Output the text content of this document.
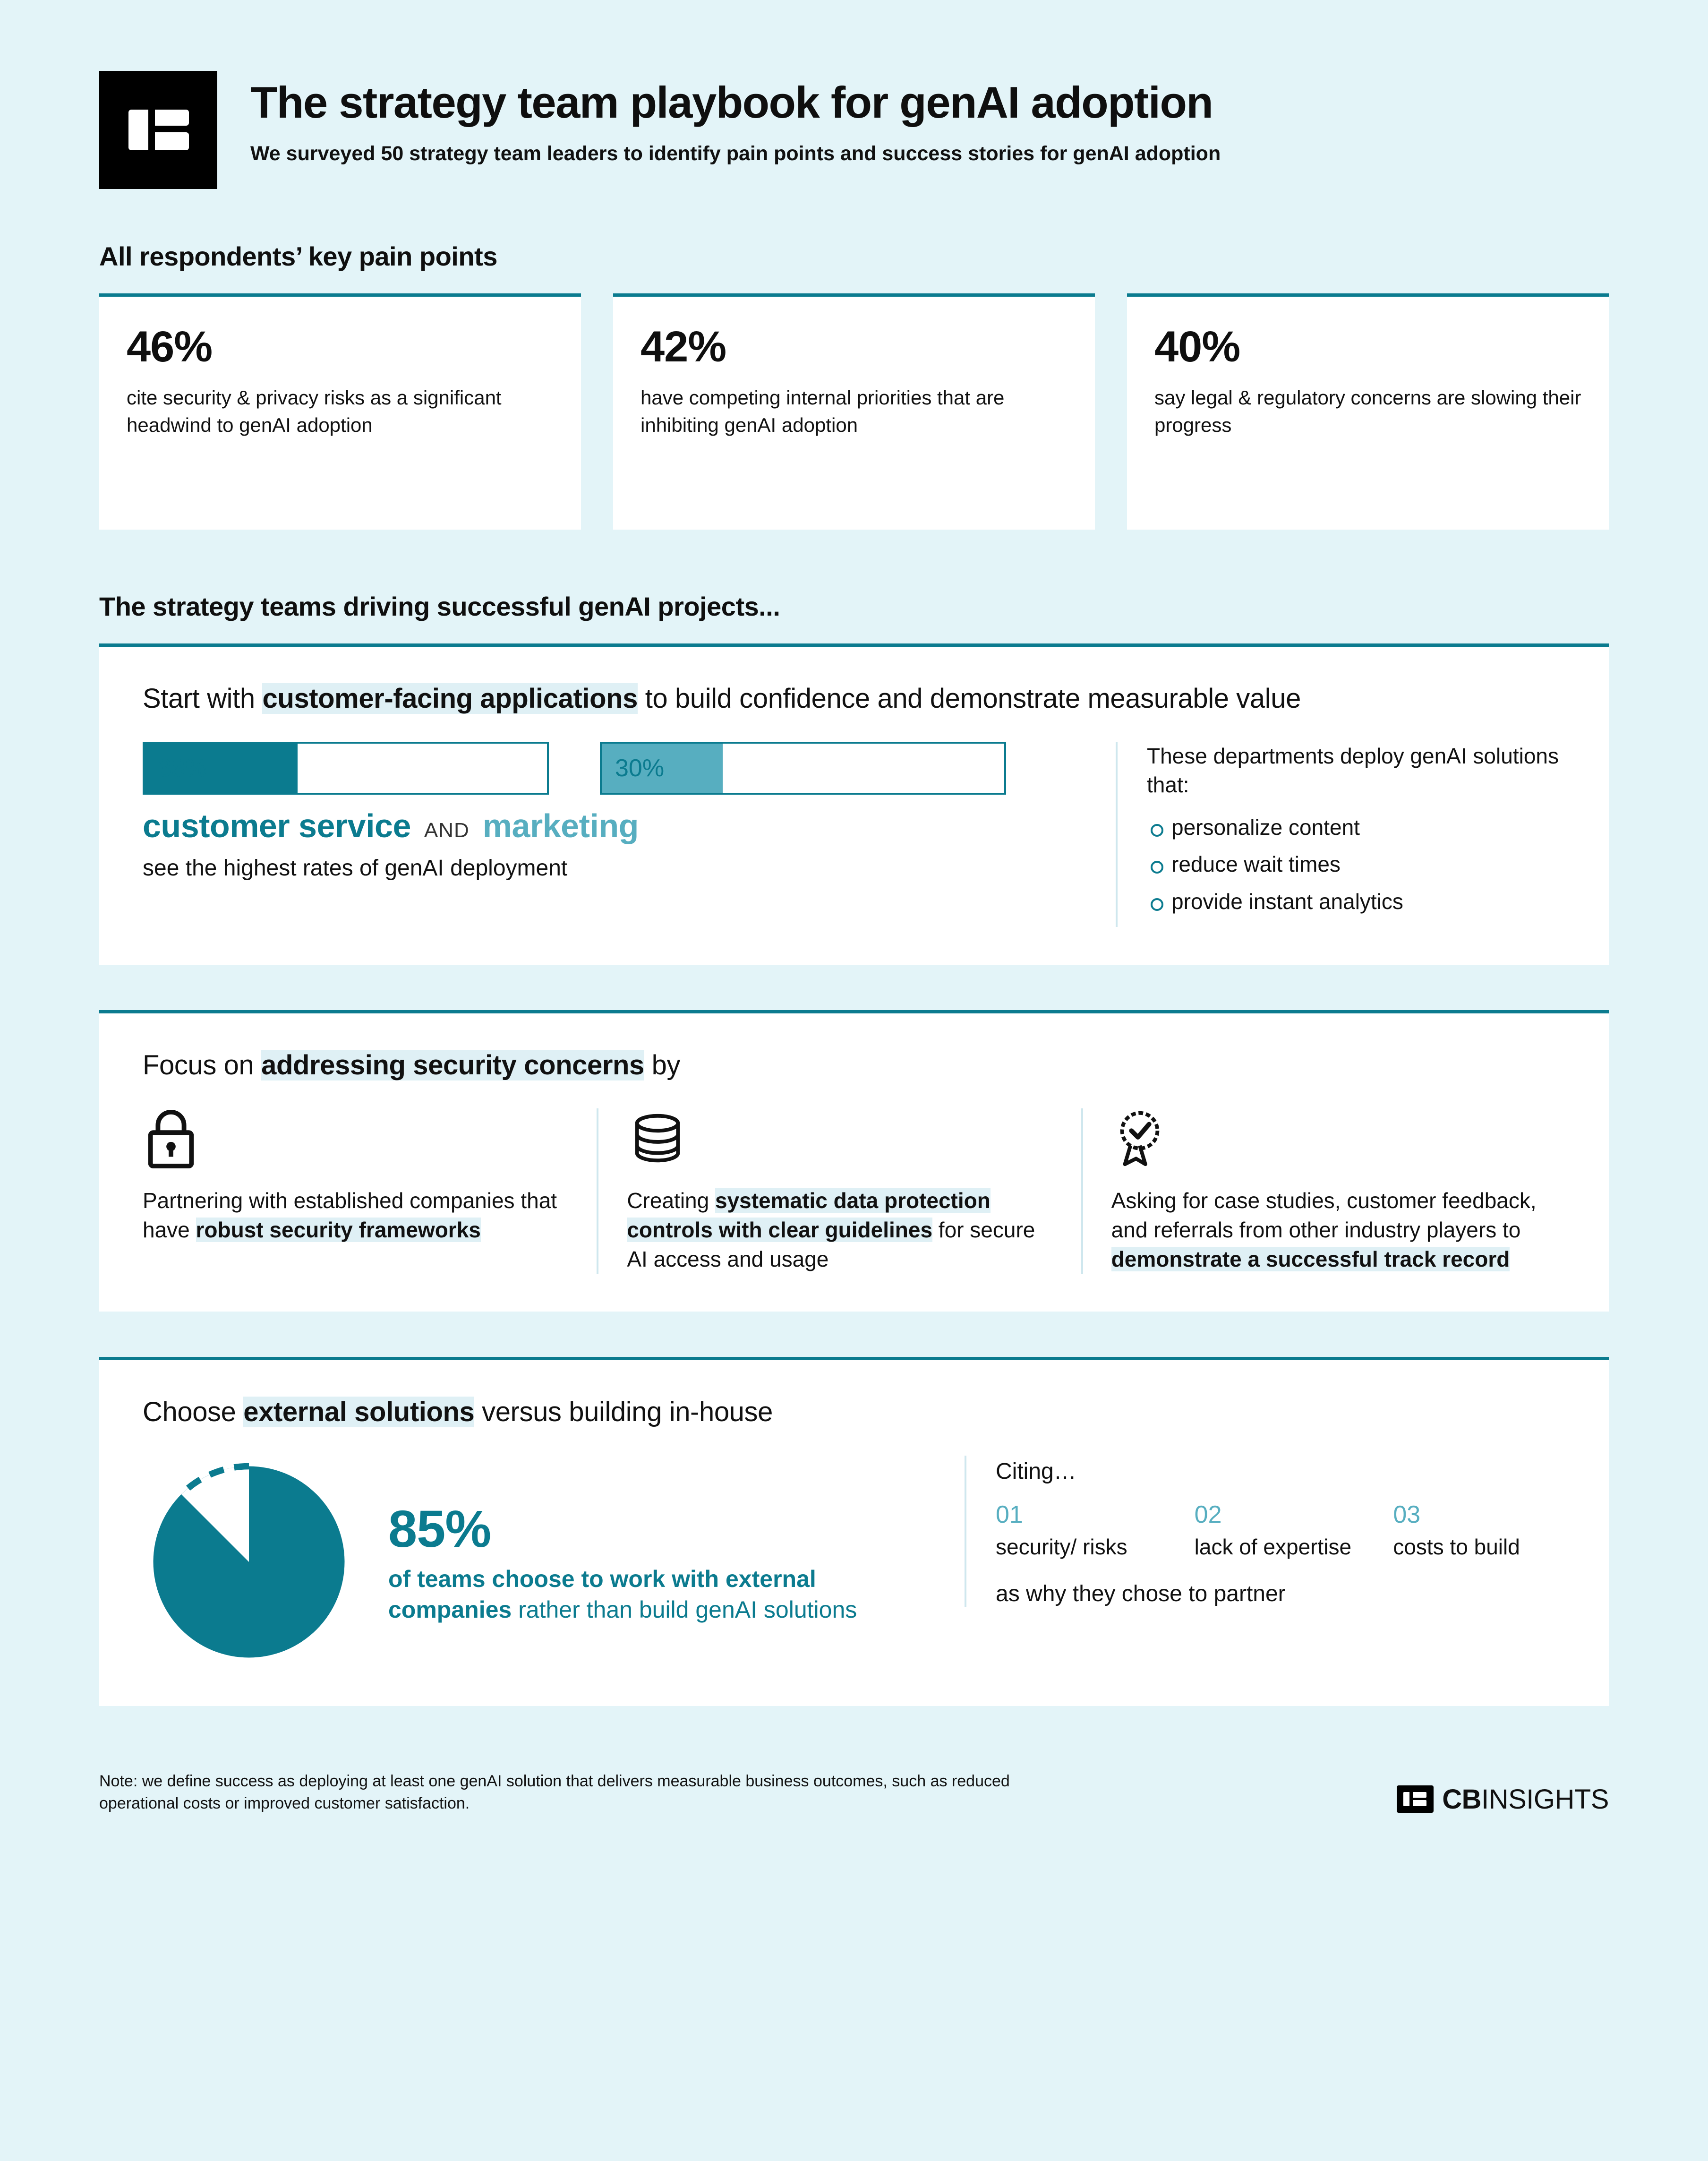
The strategy team playbook for genAI adoption
We surveyed 50 strategy team leaders to identify pain points and success stories for genAI adoption
All respondents’ key pain points
46%
cite security & privacy risks as a significant headwind to genAI adoption
42%
have competing internal priorities that are inhibiting genAI adoption
40%
say legal & regulatory concerns are slowing their progress
The strategy teams driving successful genAI projects...
Start with customer-facing applications to build confidence and demonstrate measurable value
38%	30%
customer service AND marketing
see the highest rates of genAI deployment
These departments deploy genAI solutions that:
personalize content
reduce wait times
provide instant analytics
Focus on addressing security concerns by
Partnering with established companies that have robust security frameworks
Creating systematic data protection controls with clear guidelines for secure AI access and usage
Asking for case studies, customer feedback, and referrals from other industry players to demonstrate a successful track record
Choose external solutions versus building in-house
85%
of teams choose to work with external companies rather than build genAI solutions
Citing…
01
security/ risks
02
lack of expertise
03
costs to build
as why they chose to partner
Note: we define success as deploying at least one genAI solution that delivers measurable business outcomes, such as reduced operational costs or improved customer satisfaction.	CBINSIGHTS
